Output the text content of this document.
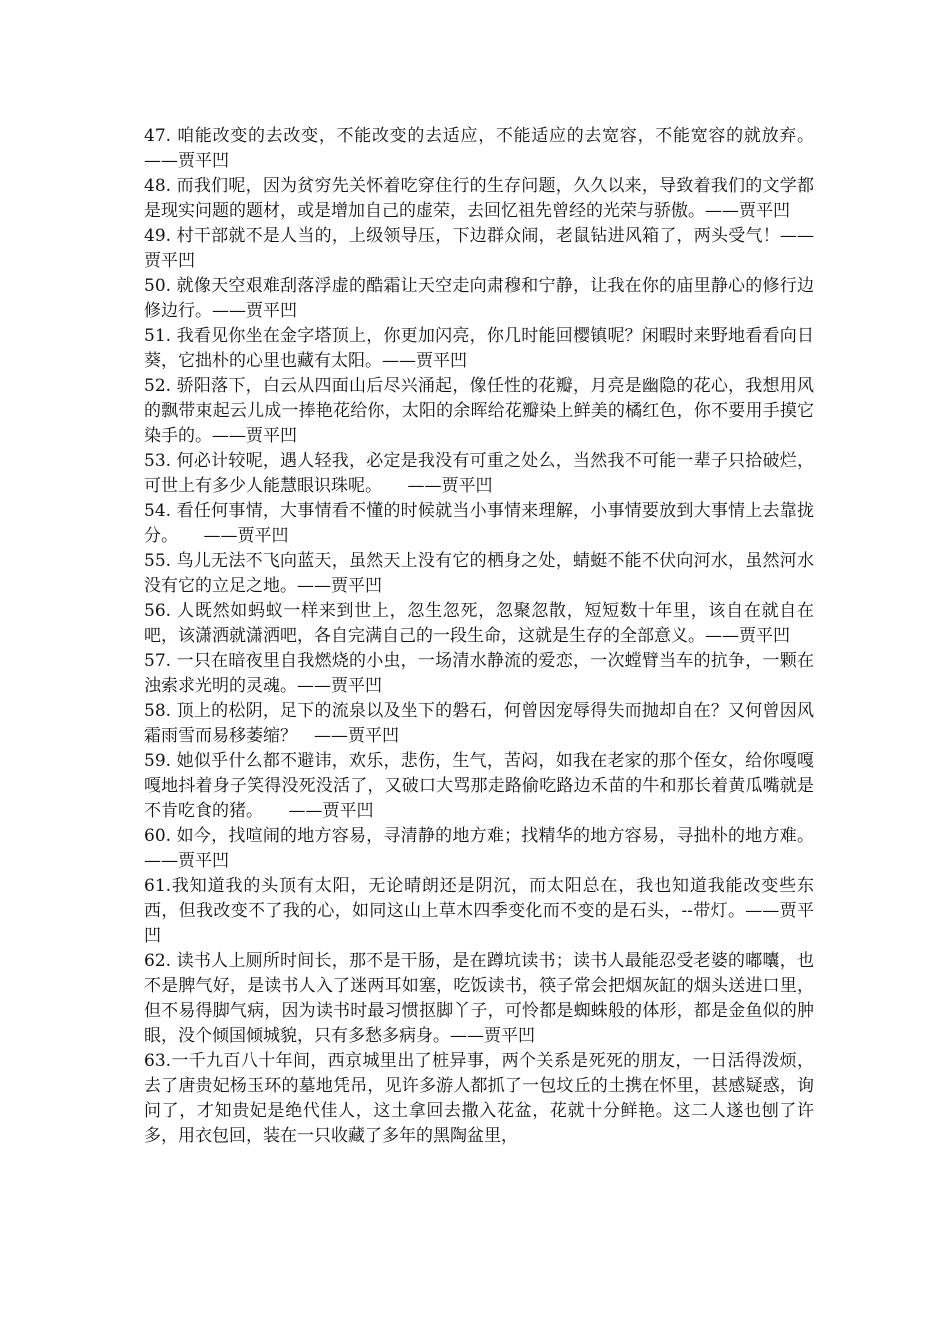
47. 咱能改变的去改变，不能改变的去适应，不能适应的去宽容，不能宽容的就放弃。——贾平凹

48. 而我们呢，因为贫穷先关怀着吃穿住行的生存问题，久久以来，导致着我们的文学都是现实问题的题材，或是增加自己的虚荣，去回忆祖先曾经的光荣与骄傲。——贾平凹

49. 村干部就不是人当的，上级领导压，下边群众闹，老鼠钻进风箱了，两头受气！——贾平凹

50. 就像天空艰难刮落浮虚的酷霜让天空走向肃穆和宁静，让我在你的庙里静心的修行边修边行。——贾平凹

51. 我看见你坐在金字塔顶上，你更加闪亮，你几时能回樱镇呢？闲暇时来野地看看向日葵，它拙朴的心里也藏有太阳。——贾平凹

52. 骄阳落下，白云从四面山后尽兴涌起，像任性的花瓣，月亮是幽隐的花心，我想用风的飘带束起云儿成一捧艳花给你，太阳的余晖给花瓣染上鲜美的橘红色，你不要用手摸它染手的。——贾平凹

53. 何必计较呢，遇人轻我，必定是我没有可重之处么，当然我不可能一辈子只拾破烂，可世上有多少人能慧眼识珠呢。　　——贾平凹

54. 看任何事情，大事情看不懂的时候就当小事情来理解，小事情要放到大事情上去靠拢分。　　——贾平凹

55. 鸟儿无法不飞向蓝天，虽然天上没有它的栖身之处，蜻蜓不能不伏向河水，虽然河水没有它的立足之地。——贾平凹

56. 人既然如蚂蚁一样来到世上，忽生忽死，忽聚忽散，短短数十年里，该自在就自在吧，该潇洒就潇洒吧，各自完满自己的一段生命，这就是生存的全部意义。——贾平凹

57. 一只在暗夜里自我燃烧的小虫，一场清水静流的爱恋，一次螳臂当车的抗争，一颗在浊索求光明的灵魂。——贾平凹

58. 顶上的松阴，足下的流泉以及坐下的磐石，何曾因宠辱得失而抛却自在？又何曾因风霜雨雪而易移萎缩？　——贾平凹

59. 她似乎什么都不避讳，欢乐，悲伤，生气，苦闷，如我在老家的那个侄女，给你嘎嘎嘎地抖着身子笑得没死没活了，又破口大骂那走路偷吃路边禾苗的牛和那长着黄瓜嘴就是不肯吃食的猪。　　——贾平凹

60. 如今，找喧闹的地方容易，寻清静的地方难；找精华的地方容易，寻拙朴的地方难。——贾平凹

61.我知道我的头顶有太阳，无论晴朗还是阴沉，而太阳总在，我也知道我能改变些东西，但我改变不了我的心，如同这山上草木四季变化而不变的是石头，--带灯。——贾平凹

62. 读书人上厕所时间长，那不是干肠，是在蹲坑读书；读书人最能忍受老婆的嘟囔，也不是脾气好，是读书人入了迷两耳如塞，吃饭读书，筷子常会把烟灰缸的烟头送进口里，但不易得脚气病，因为读书时最习惯抠脚丫子，可怜都是蜘蛛般的体形，都是金鱼似的肿眼，没个倾国倾城貌，只有多愁多病身。——贾平凹

63.一千九百八十年间，西京城里出了桩异事，两个关系是死死的朋友，一日活得泼烦，去了唐贵妃杨玉环的墓地凭吊，见许多游人都抓了一包坟丘的土携在怀里，甚感疑惑，询问了，才知贵妃是绝代佳人，这土拿回去撒入花盆，花就十分鲜艳。这二人遂也刨了许多，用衣包回，装在一只收藏了多年的黑陶盆里，
